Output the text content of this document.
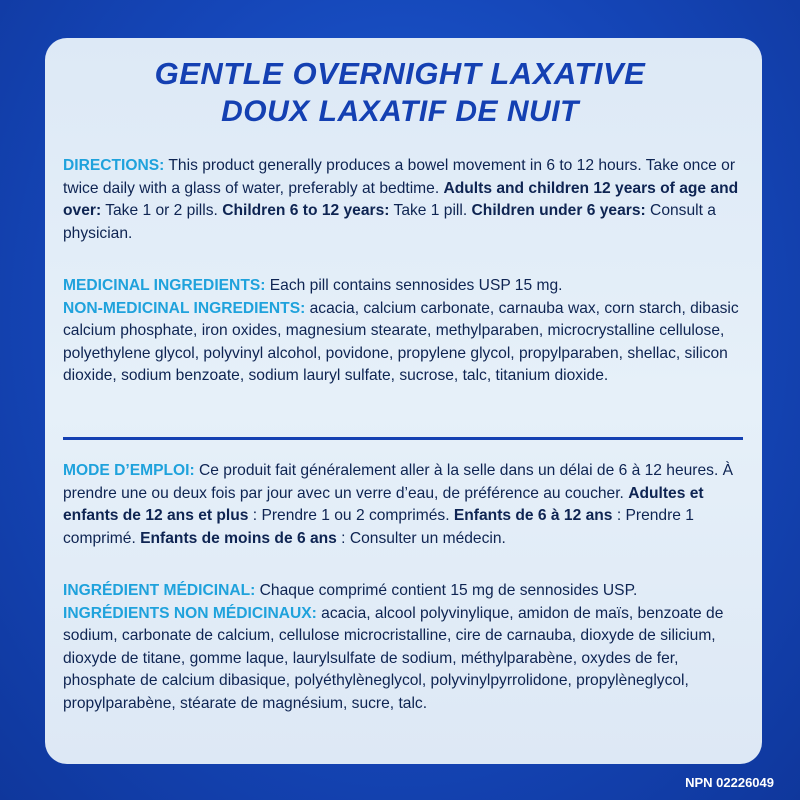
GENTLE OVERNIGHT LAXATIVE
DOUX LAXATIF DE NUIT

DIRECTIONS: This product generally produces a bowel movement in 6 to 12 hours. Take once or twice daily with a glass of water, preferably at bedtime. Adults and children 12 years of age and over: Take 1 or 2 pills. Children 6 to 12 years: Take 1 pill. Children under 6 years: Consult a physician.

MEDICINAL INGREDIENTS: Each pill contains sennosides USP 15 mg.

NON-MEDICINAL INGREDIENTS: acacia, calcium carbonate, carnauba wax, corn starch, dibasic calcium phosphate, iron oxides, magnesium stearate, methylparaben, microcrystalline cellulose, polyethylene glycol, polyvinyl alcohol, povidone, propylene glycol, propylparaben, shellac, silicon dioxide, sodium benzoate, sodium lauryl sulfate, sucrose, talc, titanium dioxide.

MODE D’EMPLOI: Ce produit fait généralement aller à la selle dans un délai de 6 à 12 heures. À prendre une ou deux fois par jour avec un verre d’eau, de préférence au coucher. Adultes et enfants de 12 ans et plus : Prendre 1 ou 2 comprimés. Enfants de 6 à 12 ans : Prendre 1 comprimé. Enfants de moins de 6 ans : Consulter un médecin.

INGRÉDIENT MÉDICINAL: Chaque comprimé contient 15 mg de sennosides USP.

INGRÉDIENTS NON MÉDICINAUX: acacia, alcool polyvinylique, amidon de maïs, benzoate de sodium, carbonate de calcium, cellulose microcristalline, cire de carnauba, dioxyde de silicium, dioxyde de titane, gomme laque, laurylsulfate de sodium, méthylparabène, oxydes de fer, phosphate de calcium dibasique, polyéthylèneglycol, polyvinylpyrrolidone, propylèneglycol, propylparabène, stéarate de magnésium, sucre, talc.

NPN 02226049
